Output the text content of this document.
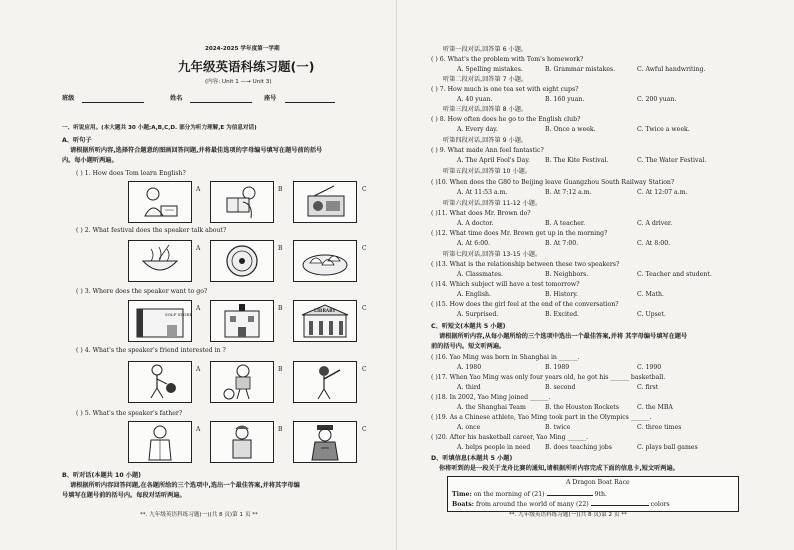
2024-2025 学年度第一学期
九年级英语科练习题(一)
(内容: Unit 1 —→ Unit 3)
班级	姓名	座号
一、听说应用。(本大题共 30 小题;A,B,C,D. 部分为听力理解,E 为信息对话)
A、听句子
请根据所听内容,选择符合题意的图画回答问题,并将最佳选项的字母编号填写在题号前的括号
内。每小题听两遍。
( ) 1. How does Tom learn English?
A	B	C
( ) 2. What festival does the speaker talk about?
A	B	C
( ) 3. Where does the speaker want to go?
A	B	C
SOLF STORE
LIBRARY
( ) 4. What's the speaker's friend interested in ?
A	B	C
( ) 5. What's the speaker's father?
A	B	C
B、听对话(本题共 10 小题)
请根据所听内容回答问题,在各题所给的三个选项中,选出一个最佳答案,并将其字母编
号填写在题号前的括号内。每段对话听两遍。
**. 九年级英语科练习题(一)(共 8 页)第 1 页 **
听第一段对话,回答第 6 小题。
( ) 6. What's the problem with Tom's homework?
A. Spelling mistakes.	B. Grammar mistakes.	C. Awful handwriting.
听第二段对话,回答第 7 小题。
( ) 7. How much is one tea set with eight cups?
A. 40 yuan.	B. 160 yuan.	C. 200 yuan.
听第三段对话,回答第 8 小题。
( ) 8. How often does he go to the English club?
A. Every day.	B. Once a week.	C. Twice a week.
听第四段对话,回答第 9 小题。
( ) 9. What made Ann feel fantastic?
A. The April Fool's Day. B. The Kite Festival.	C. The Water Festival.
听第五段对话,回答第 10 小题。
( )10. When does the G80 to Beijing leave Guangzhou South Railway Station?
A. At 11:53 a.m.	B. At 7:12 a.m.	C. At 12:07 a.m.
听第六段对话,回答第 11-12 小题。
( )11. What does Mr. Brown do?
A. A doctor.	B. A teacher.	C. A driver.
( )12. What time does Mr. Brown get up in the morning?
A. At 6:00.	B. At 7:00.	C. At 8:00.
听第七段对话,回答第 13-15 小题。
( )13. What is the relationship between these two speakers?
A. Classmates.	B. Neighbors.	C. Teacher and student.
( )14. Which subject will have a test tomorrow?
A. English.	B. History.	C. Math.
( )15. How does the girl feel at the end of the conversation?
A. Surprised.	B. Excited.	C. Upset.
C、听短文(本题共 5 小题)
请根据所听内容,从每小题所给的三个选项中选出一个最佳答案,并将 其字母编号填写在题号
前的括号内。短文听两遍。
( )16. Yao Ming was born in Shanghai in ______.
A. 1980	B. 1989	C. 1990
( )17. When Yao Ming was only four years old, he got his ______ basketball.
A. third	B. second	C. first
( )18. In 2002, Yao Ming joined ______.
A. the Shanghai Team	B. the Houston Rockets	C. the MBA
( )19. As a Chinese athlete, Yao Ming took part in the Olympics ______.
A. once	B. twice	C. three times
( )20. After his basketball career, Yao Ming ______.
A. helps people in need B. does teaching jobs	C. plays ball games
D、听填信息(本题共 5 小题)
你将听到的是一段关于龙舟比赛的通知,请根据所听内容完成下面的信息卡,短文听两遍。
A Dragon Boat Race
Time: on the morning of (21)	9th.
Boats: from around the world of many (22)	colors
**. 九年级英语科练习题(一)(共 8 页)第 2 页 **
